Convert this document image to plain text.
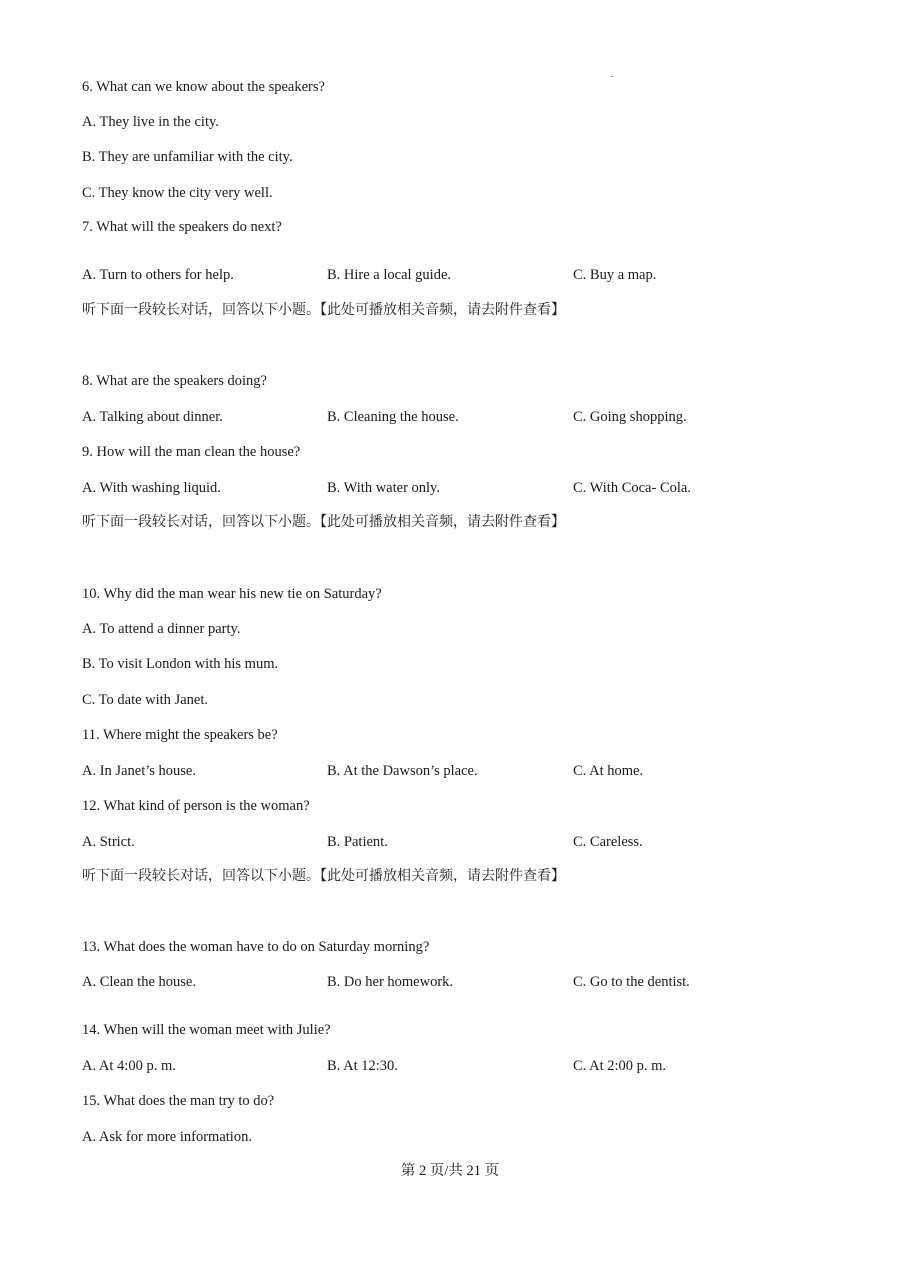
6. What can we know about the speakers?
A. They live in the city.
B. They are unfamiliar with the city.
C. They know the city very well.
7. What will the speakers do next?
A. Turn to others for help.	B. Hire a local guide.	C. Buy a map.
听下面一段较长对话，回答以下小题。【此处可播放相关音频，请去附件查看】
8. What are the speakers doing?
A. Talking about dinner.	B. Cleaning the house.	C. Going shopping.
9. How will the man clean the house?
A. With washing liquid.	B. With water only.	C. With Coca- Cola.
听下面一段较长对话，回答以下小题。【此处可播放相关音频，请去附件查看】
10. Why did the man wear his new tie on Saturday?
A. To attend a dinner party.
B. To visit London with his mum.
C. To date with Janet.
11. Where might the speakers be?
A. In Janet’s house.	B. At the Dawson’s place.	C. At home.
12. What kind of person is the woman?
A. Strict.	B. Patient.	C. Careless.
听下面一段较长对话，回答以下小题。【此处可播放相关音频，请去附件查看】
13. What does the woman have to do on Saturday morning?
A. Clean the house.	B. Do her homework.	C. Go to the dentist.
14. When will the woman meet with Julie?
A. At 4:00 p. m.	B. At 12:30.	C. At 2:00 p. m.
15. What does the man try to do?
A. Ask for more information.
第 2 页/共 21 页
